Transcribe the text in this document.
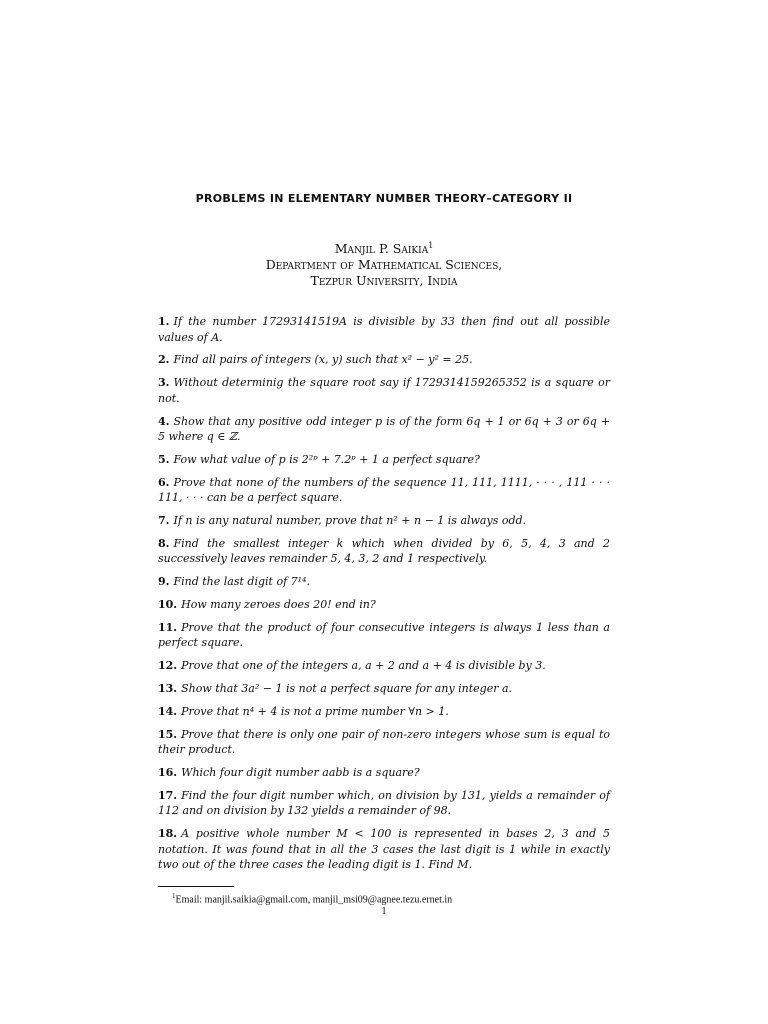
PROBLEMS IN ELEMENTARY NUMBER THEORY–CATEGORY II
Manjil P. Saikia$^1$
Department of Mathematical Sciences,
Tezpur University, India
1. If the number 17293141519A is divisible by 33 then find out all possible values of A.
2. Find all pairs of integers (x, y) such that x² − y² = 25.
3. Without determinig the square root say if 1729314159265352 is a square or not.
4. Show that any positive odd integer p is of the form 6q + 1 or 6q + 3 or 6q + 5 where q ∈ ℤ.
5. Fow what value of p is 2²ᵖ + 7.2ᵖ + 1 a perfect square?
6. Prove that none of the numbers of the sequence 11, 111, 1111, · · · , 111 · · · 111, · · · can be a perfect square.
7. If n is any natural number, prove that n² + n − 1 is always odd.
8. Find the smallest integer k which when divided by 6, 5, 4, 3 and 2 successively leaves remainder 5, 4, 3, 2 and 1 respectively.
9. Find the last digit of 7¹⁴.
10. How many zeroes does 20! end in?
11. Prove that the product of four consecutive integers is always 1 less than a perfect square.
12. Prove that one of the integers a, a + 2 and a + 4 is divisible by 3.
13. Show that 3a² − 1 is not a perfect square for any integer a.
14. Prove that n⁴ + 4 is not a prime number ∀n > 1.
15. Prove that there is only one pair of non-zero integers whose sum is equal to their product.
16. Which four digit number aabb is a square?
17. Find the four digit number which, on division by 131, yields a remainder of 112 and on division by 132 yields a remainder of 98.
18. A positive whole number M < 100 is represented in bases 2, 3 and 5 notation. It was found that in all the 3 cases the last digit is 1 while in exactly two out of the three cases the leading digit is 1. Find M.
$^1$Email: manjil.saikia@gmail.com, manjil_msi09@agnee.tezu.ernet.in
1
